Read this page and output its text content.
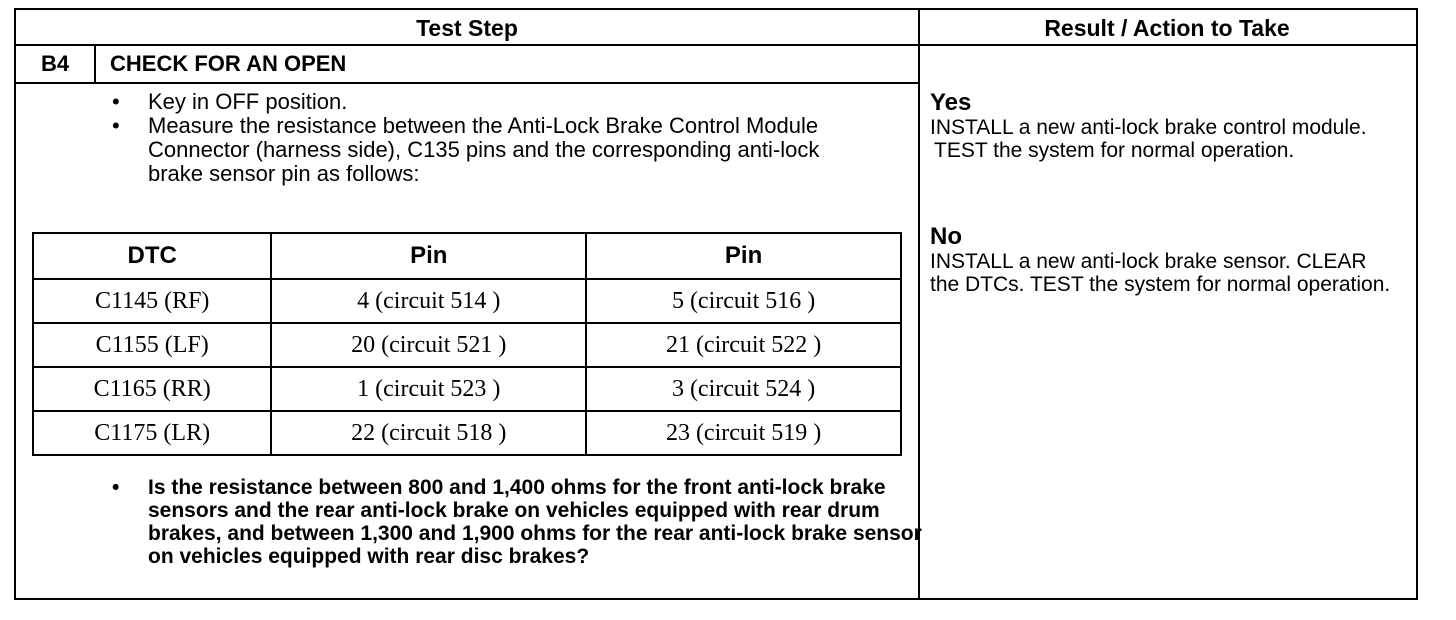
Test Step	Result / Action to Take
B4	CHECK FOR AN OPEN
• Key in OFF position.
• Measure the resistance between the Anti-Lock Brake Control Module Connector (harness side), C135 pins and the corresponding anti-lock brake sensor pin as follows:
DTC	Pin	Pin
C1145 (RF)	4 (circuit 514 )	5 (circuit 516 )
C1155 (LF)	20 (circuit 521 )	21 (circuit 522 )
C1165 (RR)	1 (circuit 523 )	3 (circuit 524 )
C1175 (LR)	22 (circuit 518 )	23 (circuit 519 )
• Is the resistance between 800 and 1,400 ohms for the front anti-lock brake sensors and the rear anti-lock brake on vehicles equipped with rear drum brakes, and between 1,300 and 1,900 ohms for the rear anti-lock brake sensor on vehicles equipped with rear disc brakes?
Yes
INSTALL a new anti-lock brake control module.
TEST the system for normal operation.
No
INSTALL a new anti-lock brake sensor. CLEAR the DTCs. TEST the system for normal operation.
